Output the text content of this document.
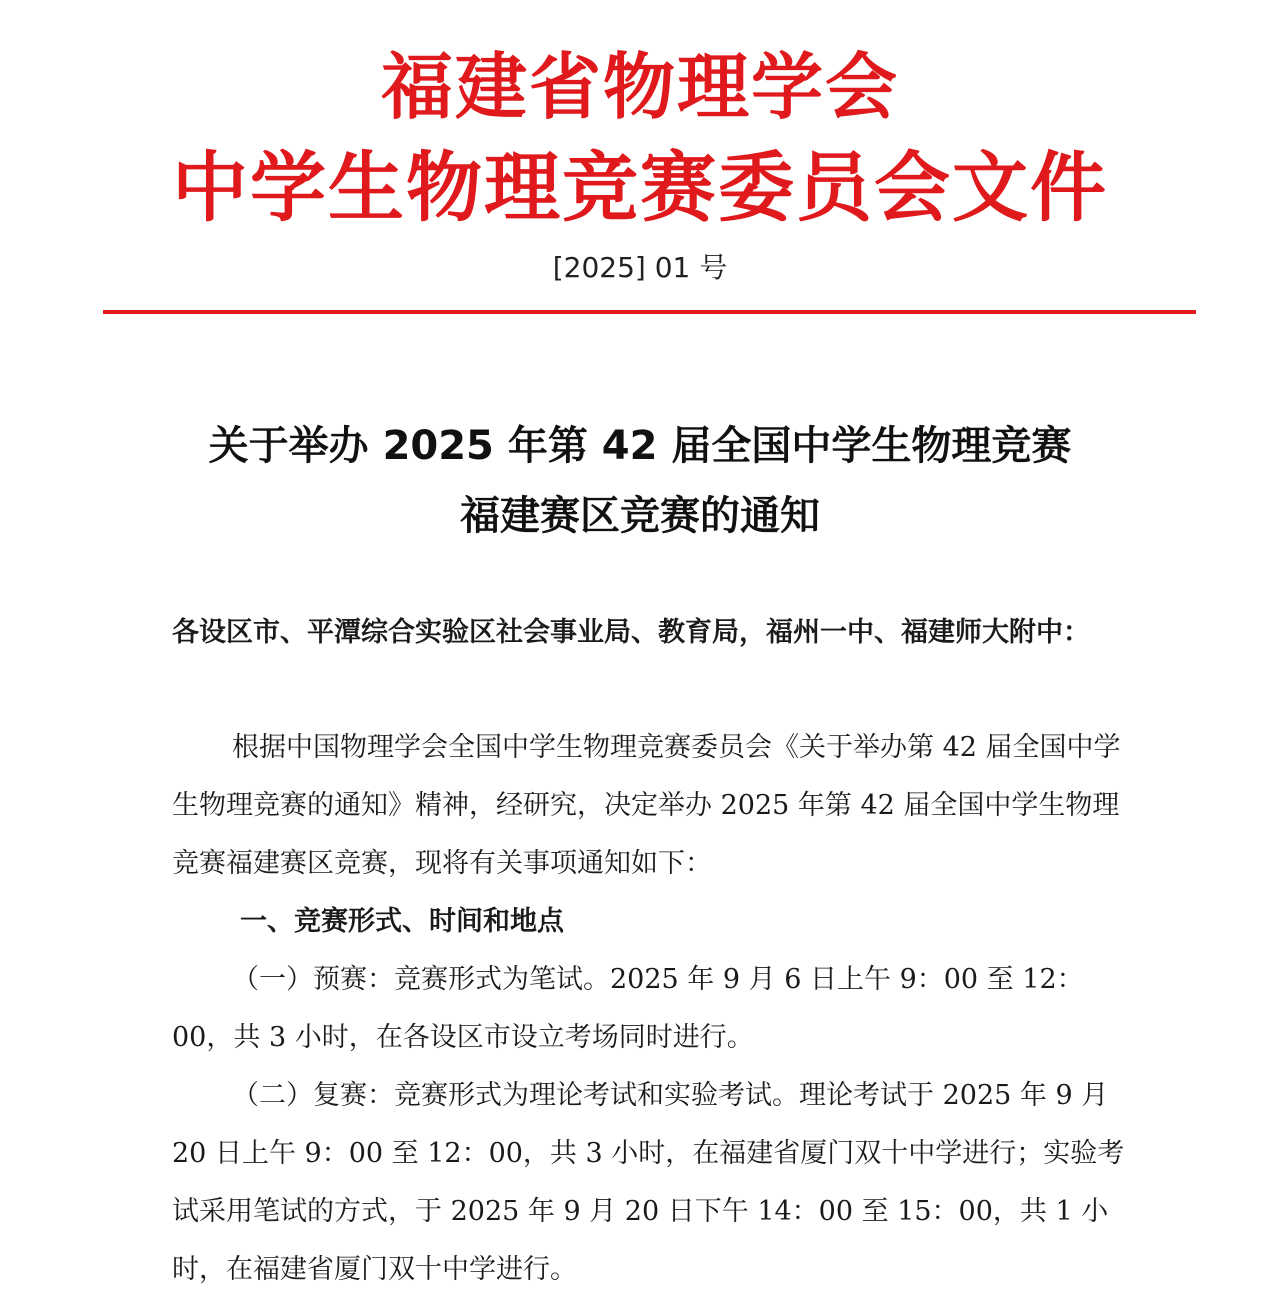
福建省物理学会
中学生物理竞赛委员会文件
[2025] 01 号
关于举办 2025 年第 42 届全国中学生物理竞赛
福建赛区竞赛的通知
各设区市、平潭综合实验区社会事业局、教育局，福州一中、福建师大附中：
根据中国物理学会全国中学生物理竞赛委员会《关于举办第 42 届全国中学生物理竞赛的通知》精神，经研究，决定举办 2025 年第 42 届全国中学生物理竞赛福建赛区竞赛，现将有关事项通知如下：
一、竞赛形式、时间和地点
（一）预赛：竞赛形式为笔试。2025 年 9 月 6 日上午 9：00 至 12：00，共 3 小时，在各设区市设立考场同时进行。
（二）复赛：竞赛形式为理论考试和实验考试。理论考试于 2025 年 9 月 20 日上午 9：00 至 12：00，共 3 小时，在福建省厦门双十中学进行；实验考试采用笔试的方式，于 2025 年 9 月 20 日下午 14：00 至 15：00，共 1 小时，在福建省厦门双十中学进行。
